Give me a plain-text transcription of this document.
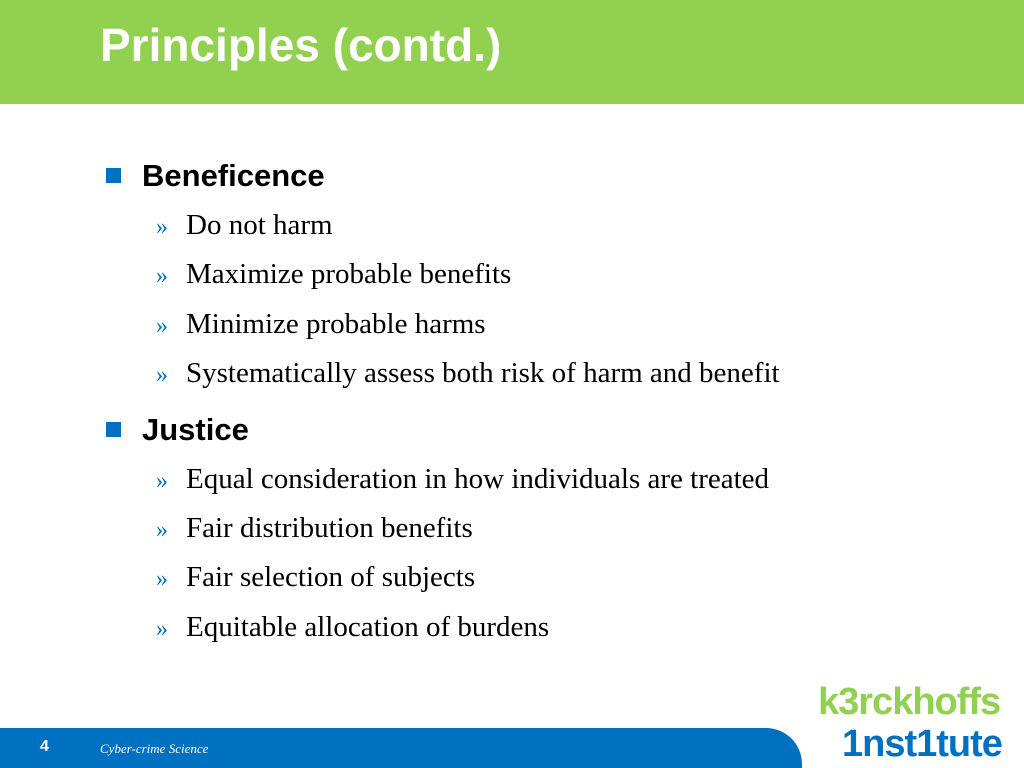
Principles (contd.)
Beneficence
» Do not harm
» Maximize probable benefits
» Minimize probable harms
» Systematically assess both risk of harm and benefit
Justice
» Equal consideration in how individuals are treated
» Fair distribution benefits
» Fair selection of subjects
» Equitable allocation of burdens
4	Cyber-crime Science
k3rckhoffs
1nst1tute
